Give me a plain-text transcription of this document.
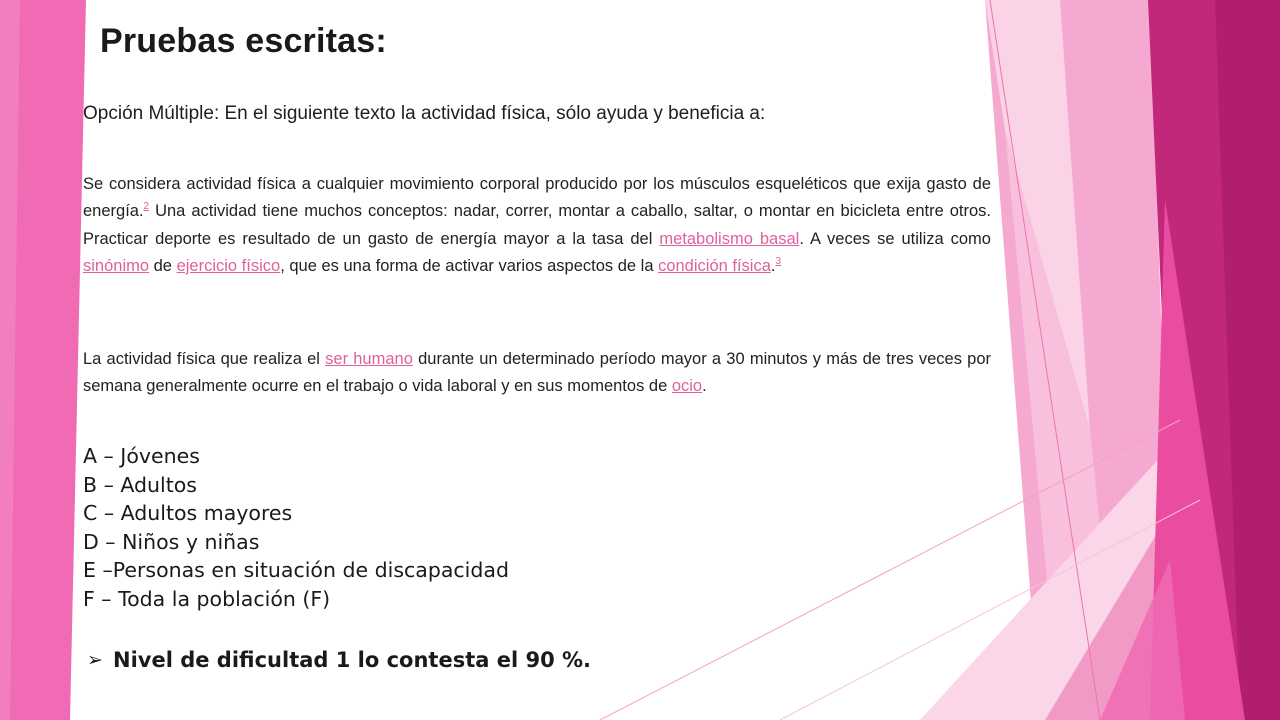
Pruebas escritas:

Opción Múltiple: En el siguiente texto la actividad física, sólo ayuda y beneficia a:

Se considera actividad física a cualquier movimiento corporal producido por los músculos esqueléticos que exija gasto de energía.$^2$ Una actividad tiene muchos conceptos: nadar, correr, montar a caballo, saltar, o montar en bicicleta entre otros. Practicar deporte es resultado de un gasto de energía mayor a la tasa del metabolismo basal. A veces se utiliza como sinónimo de ejercicio físico, que es una forma de activar varios aspectos de la condición física.$^3$

La actividad física que realiza el ser humano durante un determinado período mayor a 30 minutos y más de tres veces por semana generalmente ocurre en el trabajo o vida laboral y en sus momentos de ocio.

A – Jóvenes
B – Adultos
C – Adultos mayores
D – Niños y niñas
E –Personas en situación de discapacidad
F – Toda la población (F)

➢ Nivel de dificultad 1 lo contesta el 90 %.
